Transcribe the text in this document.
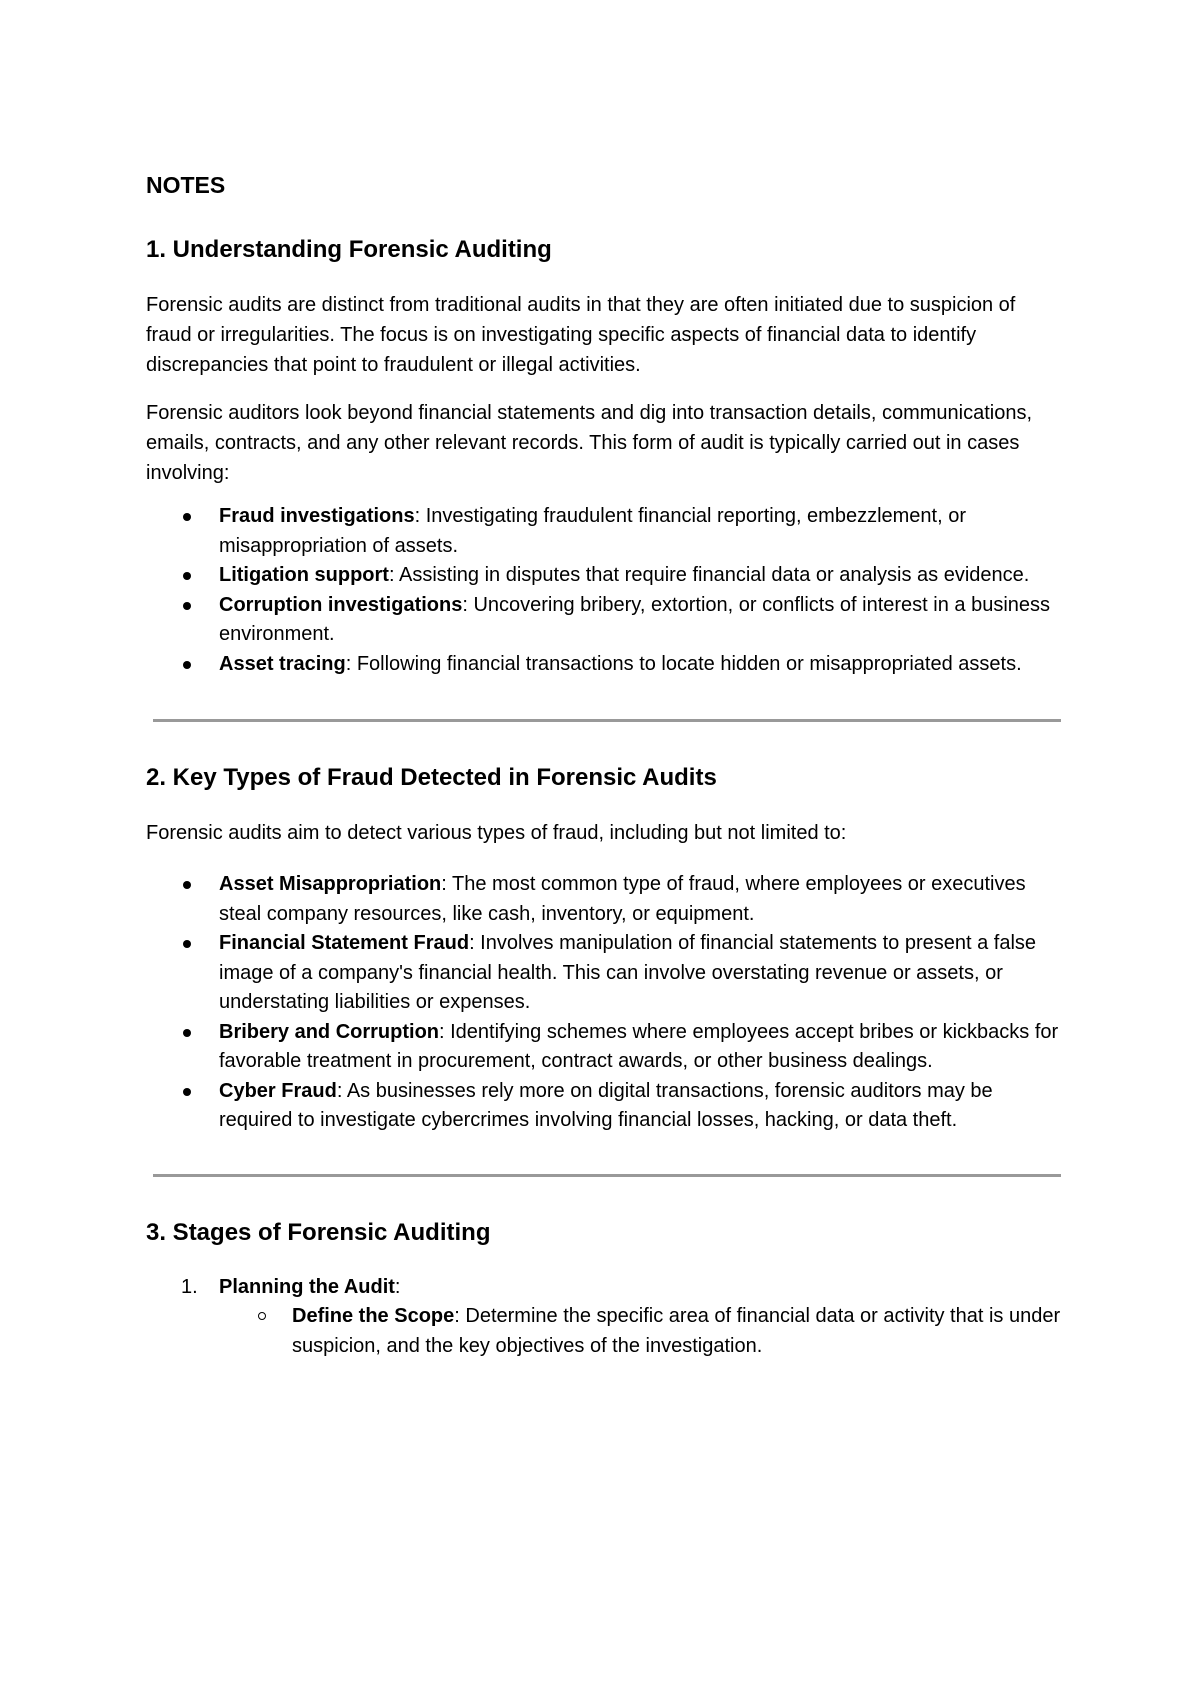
NOTES
1. Understanding Forensic Auditing

Forensic audits are distinct from traditional audits in that they are often initiated due to suspicion of fraud or irregularities. The focus is on investigating specific aspects of financial data to identify discrepancies that point to fraudulent or illegal activities.

Forensic auditors look beyond financial statements and dig into transaction details, communications, emails, contracts, and any other relevant records. This form of audit is typically carried out in cases involving:

Fraud investigations: Investigating fraudulent financial reporting, embezzlement, or misappropriation of assets.
Litigation support: Assisting in disputes that require financial data or analysis as evidence.
Corruption investigations: Uncovering bribery, extortion, or conflicts of interest in a business environment.
Asset tracing: Following financial transactions to locate hidden or misappropriated assets.
2. Key Types of Fraud Detected in Forensic Audits

Forensic audits aim to detect various types of fraud, including but not limited to:

Asset Misappropriation: The most common type of fraud, where employees or executives steal company resources, like cash, inventory, or equipment.
Financial Statement Fraud: Involves manipulation of financial statements to present a false image of a company's financial health. This can involve overstating revenue or assets, or understating liabilities or expenses.
Bribery and Corruption: Identifying schemes where employees accept bribes or kickbacks for favorable treatment in procurement, contract awards, or other business dealings.
Cyber Fraud: As businesses rely more on digital transactions, forensic auditors may be required to investigate cybercrimes involving financial losses, hacking, or data theft.
3. Stages of Forensic Auditing
1. Planning the Audit:
Define the Scope: Determine the specific area of financial data or activity that is under suspicion, and the key objectives of the investigation.
